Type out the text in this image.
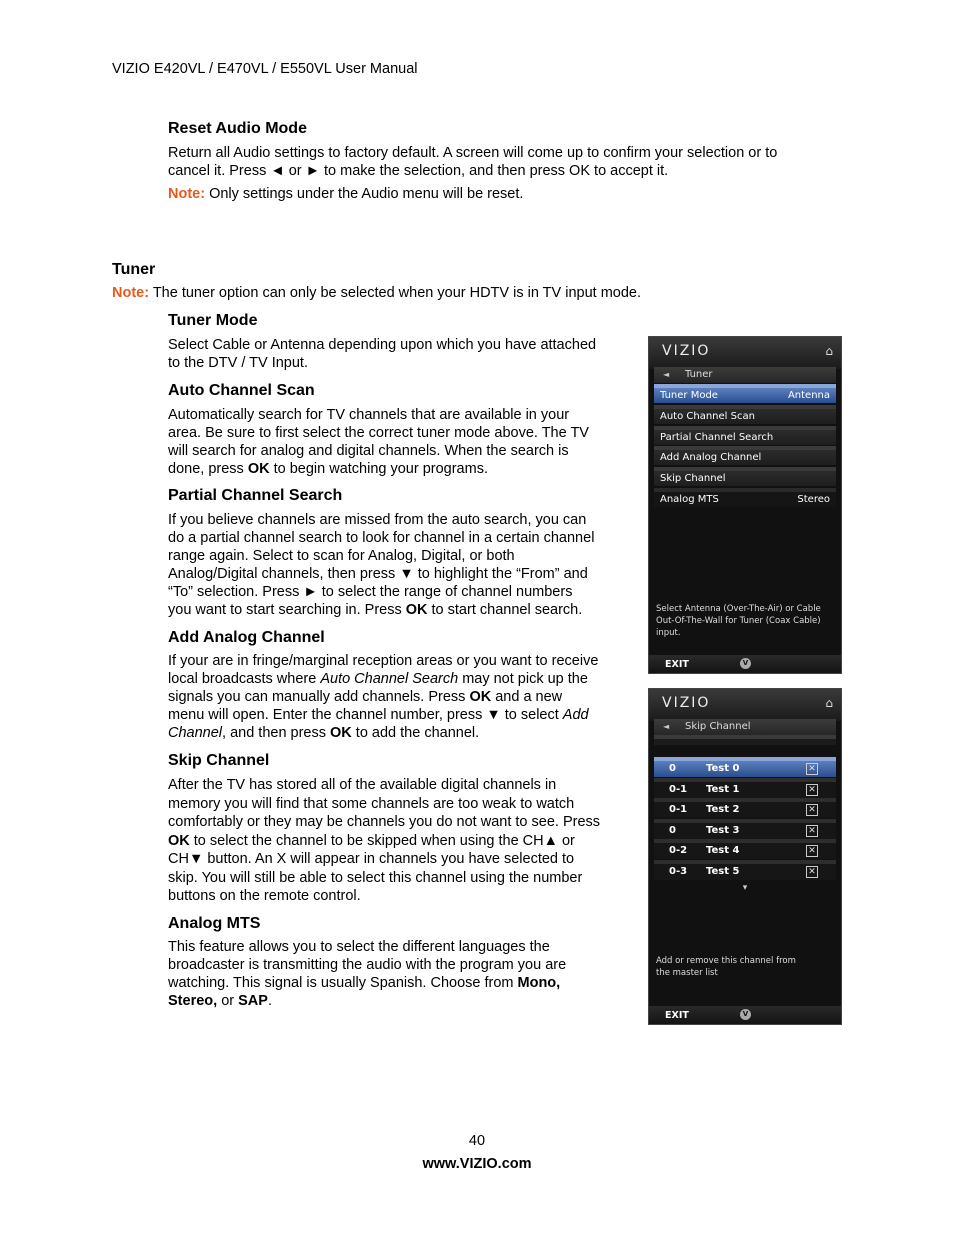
VIZIO E420VL / E470VL / E550VL User Manual
Reset Audio Mode

Return all Audio settings to factory default. A screen will come up to confirm your selection or to
cancel it. Press ◄ or ► to make the selection, and then press OK to accept it.

Note: Only settings under the Audio menu will be reset.

Tuner

Note: The tuner option can only be selected when your HDTV is in TV input mode.

Tuner Mode

Select Cable or Antenna depending upon which you have attached
to the DTV / TV Input.

Auto Channel Scan

Automatically search for TV channels that are available in your
area. Be sure to first select the correct tuner mode above. The TV
will search for analog and digital channels. When the search is
done, press OK to begin watching your programs.

Partial Channel Search

If you believe channels are missed from the auto search, you can
do a partial channel search to look for channel in a certain channel
range again. Select to scan for Analog, Digital, or both
Analog/Digital channels, then press ▼ to highlight the “From” and
“To” selection. Press ► to select the range of channel numbers
you want to start searching in. Press OK to start channel search.

Add Analog Channel

If your are in fringe/marginal reception areas or you want to receive
local broadcasts where Auto Channel Search may not pick up the
signals you can manually add channels. Press OK and a new
menu will open. Enter the channel number, press ▼ to select Add
Channel, and then press OK to add the channel.

Skip Channel

After the TV has stored all of the available digital channels in
memory you will find that some channels are too weak to watch
comfortably or they may be channels you do not want to see. Press
OK to select the channel to be skipped when using the CH▲ or
CH▼ button. An X will appear in channels you have selected to
skip. You will still be able to select this channel using the number
buttons on the remote control.

Analog MTS

This feature allows you to select the different languages the
broadcaster is transmitting the audio with the program you are
watching. This signal is usually Spanish. Choose from Mono,
Stereo, or SAP.

VIZIO	⌂
◄ Tuner
Tuner Mode	Antenna
Auto Channel Scan
Partial Channel Search
Add Analog Channel
Skip Channel
Analog MTS	Stereo
Select Antenna (Over-The-Air) or Cable Out-Of-The-Wall for Tuner (Coax Cable) input.
EXIT	V
VIZIO	⌂
◄ Skip Channel
0	Test 0	✕
0-1 Test 1	✕
0-1 Test 2	✕
0	Test 3	✕
0-2 Test 4	✕
0-3 Test 5	✕
▾
Add or remove this channel from the master list
EXIT	V
40
www.VIZIO.com
